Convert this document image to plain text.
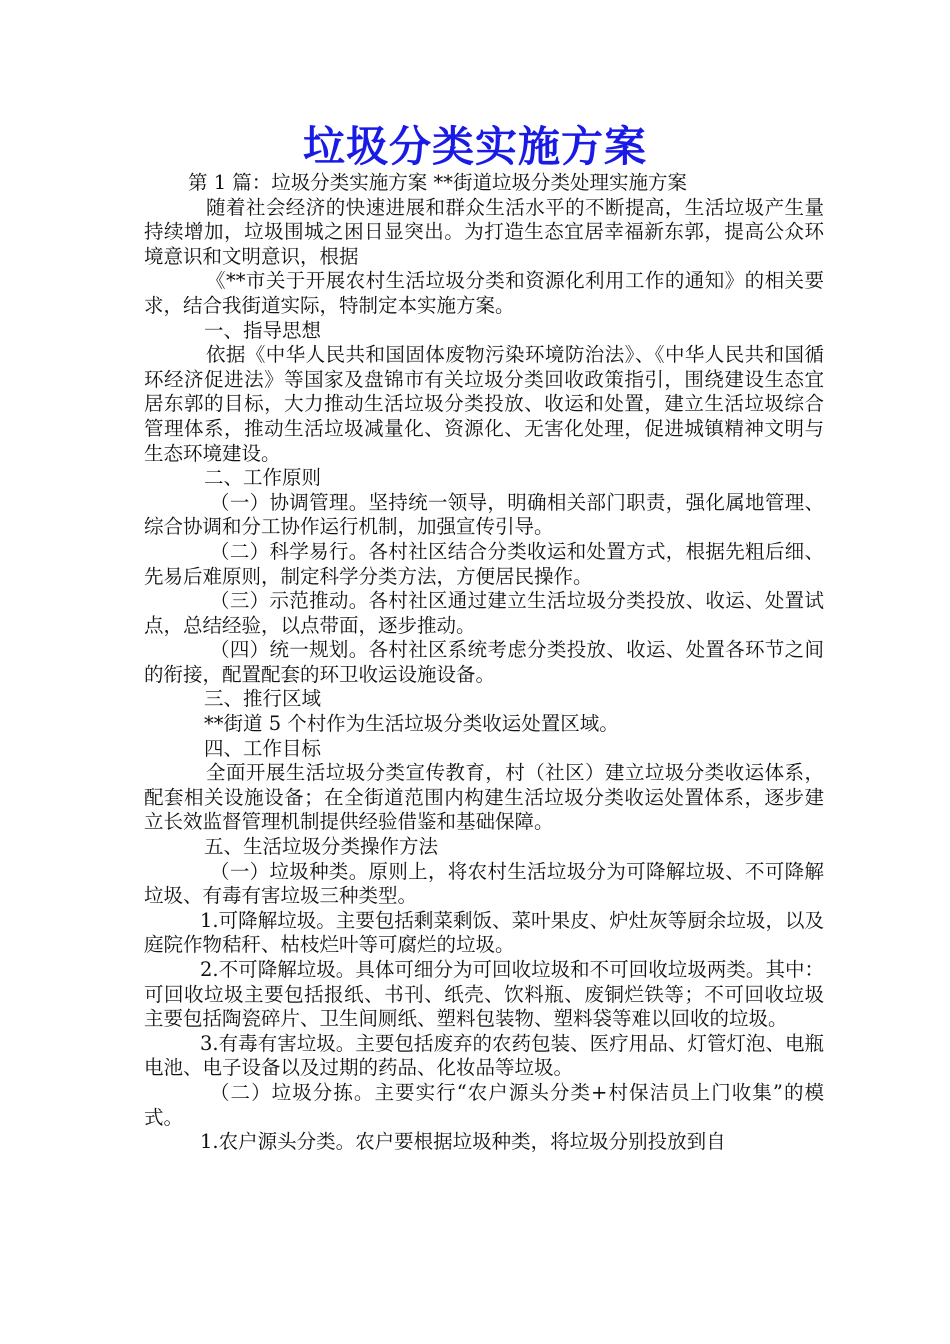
垃圾分类实施方案

第 1 篇：垃圾分类实施方案 **街道垃圾分类处理实施方案

随着社会经济的快速进展和群众生活水平的不断提高，生活垃圾产生量持续增加，垃圾围城之困日显突出。为打造生态宜居幸福新东郭，提高公众环境意识和文明意识，根据

《**市关于开展农村生活垃圾分类和资源化利用工作的通知》的相关要求，结合我街道实际，特制定本实施方案。

一、指导思想

依据《中华人民共和国固体废物污染环境防治法》、《中华人民共和国循环经济促进法》等国家及盘锦市有关垃圾分类回收政策指引，围绕建设生态宜居东郭的目标，大力推动生活垃圾分类投放、收运和处置，建立生活垃圾综合管理体系，推动生活垃圾减量化、资源化、无害化处理，促进城镇精神文明与生态环境建设。

二、工作原则

（一）协调管理。坚持统一领导，明确相关部门职责，强化属地管理、综合协调和分工协作运行机制，加强宣传引导。

（二）科学易行。各村社区结合分类收运和处置方式，根据先粗后细、先易后难原则，制定科学分类方法，方便居民操作。

（三）示范推动。各村社区通过建立生活垃圾分类投放、收运、处置试点，总结经验，以点带面，逐步推动。

（四）统一规划。各村社区系统考虑分类投放、收运、处置各环节之间的衔接，配置配套的环卫收运设施设备。

三、推行区域

**街道 5 个村作为生活垃圾分类收运处置区域。

四、工作目标

全面开展生活垃圾分类宣传教育，村（社区）建立垃圾分类收运体系，配套相关设施设备；在全街道范围内构建生活垃圾分类收运处置体系，逐步建立长效监督管理机制提供经验借鉴和基础保障。

五、生活垃圾分类操作方法

（一）垃圾种类。原则上，将农村生活垃圾分为可降解垃圾、不可降解垃圾、有毒有害垃圾三种类型。

1.可降解垃圾。主要包括剩菜剩饭、菜叶果皮、炉灶灰等厨余垃圾，以及庭院作物秸秆、枯枝烂叶等可腐烂的垃圾。

2.不可降解垃圾。具体可细分为可回收垃圾和不可回收垃圾两类。其中：可回收垃圾主要包括报纸、书刊、纸壳、饮料瓶、废铜烂铁等；不可回收垃圾主要包括陶瓷碎片、卫生间厕纸、塑料包装物、塑料袋等难以回收的垃圾。

3.有毒有害垃圾。主要包括废弃的农药包装、医疗用品、灯管灯泡、电瓶电池、电子设备以及过期的药品、化妆品等垃圾。

（二）垃圾分拣。主要实行“农户源头分类+村保洁员上门收集”的模式。

1.农户源头分类。农户要根据垃圾种类，将垃圾分别投放到自
